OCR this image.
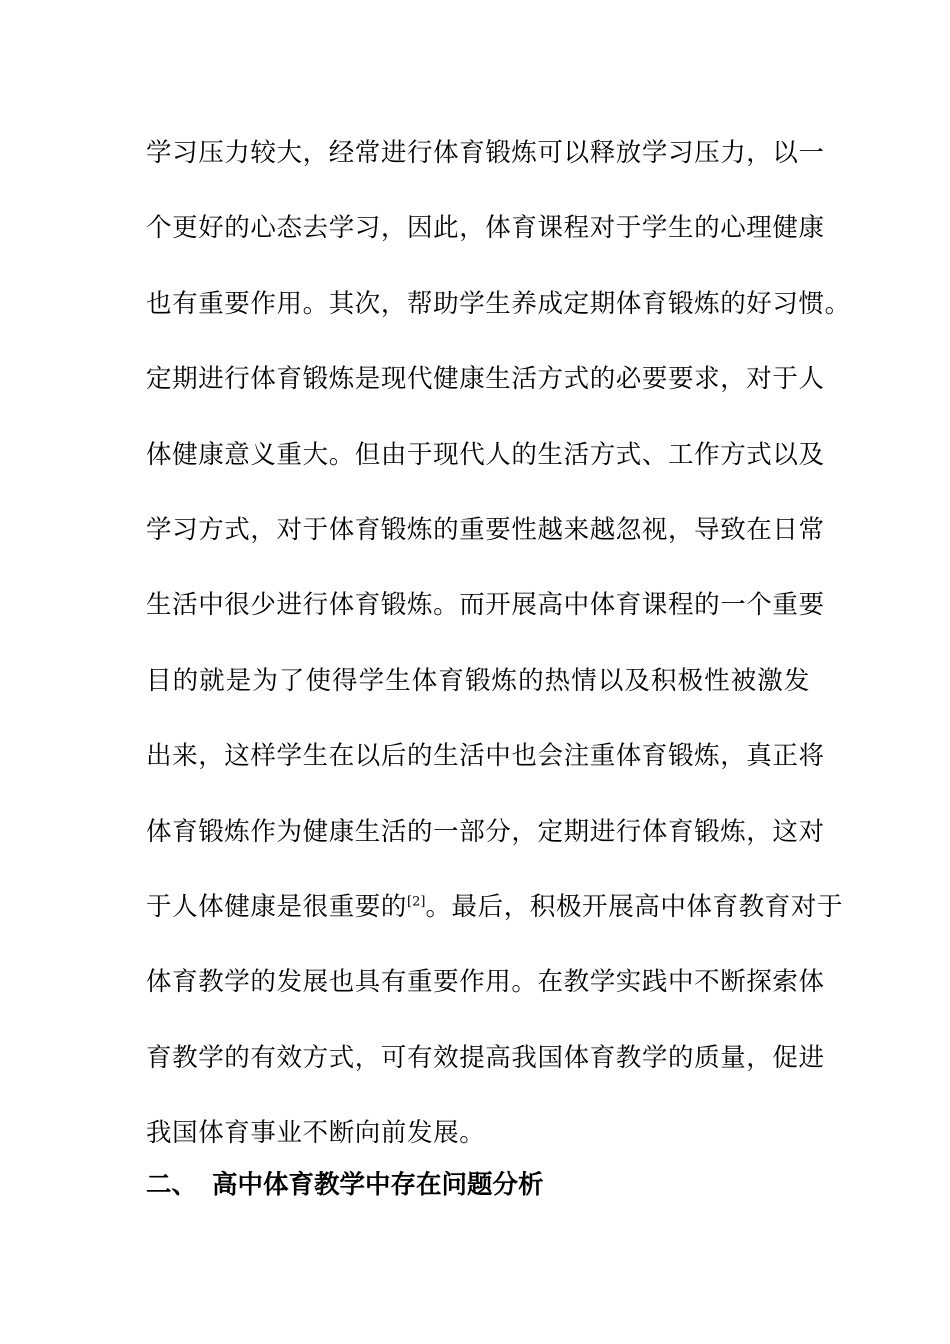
学习压力较大，经常进行体育锻炼可以释放学习压力，以一
个更好的心态去学习，因此，体育课程对于学生的心理健康
也有重要作用。其次，帮助学生养成定期体育锻炼的好习惯。
定期进行体育锻炼是现代健康生活方式的必要要求，对于人
体健康意义重大。但由于现代人的生活方式、工作方式以及
学习方式，对于体育锻炼的重要性越来越忽视，导致在日常
生活中很少进行体育锻炼。而开展高中体育课程的一个重要
目的就是为了使得学生体育锻炼的热情以及积极性被激发
出来，这样学生在以后的生活中也会注重体育锻炼，真正将
体育锻炼作为健康生活的一部分，定期进行体育锻炼，这对
于人体健康是很重要的[2]。最后，积极开展高中体育教育对于
体育教学的发展也具有重要作用。在教学实践中不断探索体
育教学的有效方式，可有效提高我国体育教学的质量，促进
我国体育事业不断向前发展。
二、 高中体育教学中存在问题分析
